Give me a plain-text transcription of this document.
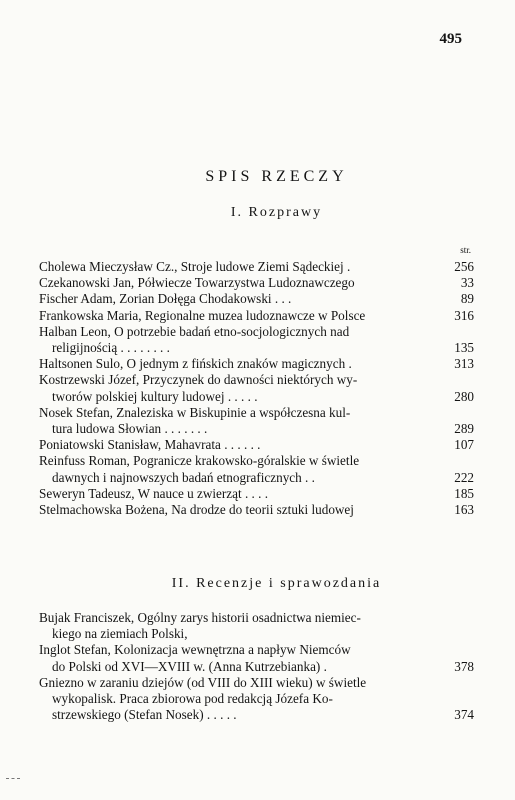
495
SPIS RZECZY
I. Rozprawy
str.
Cholewa Mieczysław Cz., Stroje ludowe Ziemi Sądeckiej .	256
Czekanowski Jan, Półwiecze Towarzystwa Ludoznawczego	33
Fischer Adam, Zorian Dołęga Chodakowski . . .	89
Frankowska Maria, Regionalne muzea ludoznawcze w Polsce	316
Halban Leon, O potrzebie badań etno-socjologicznych nad
religijnością . . . . . . . .	135
Haltsonen Sulo, O jednym z fińskich znaków magicznych .	313
Kostrzewski Józef, Przyczynek do dawności niektórych wy-
tworów polskiej kultury ludowej . . . . .	280
Nosek Stefan, Znaleziska w Biskupinie a współczesna kul-
tura ludowa Słowian . . . . . . .	289
Poniatowski Stanisław, Mahavrata . . . . . .	107
Reinfuss Roman, Pogranicze krakowsko-góralskie w świetle
dawnych i najnowszych badań etnograficznych . .	222
Seweryn Tadeusz, W nauce u zwierząt . . . .	185
Stelmachowska Bożena, Na drodze do teorii sztuki ludowej	163
II. Recenzje i sprawozdania
Bujak Franciszek, Ogólny zarys historii osadnictwa niemiec-
kiego na ziemiach Polski,
Inglot Stefan, Kolonizacja wewnętrzna a napływ Niemców
do Polski od XVI—XVIII w. (Anna Kutrzebianka) .	378
Gniezno w zaraniu dziejów (od VIII do XIII wieku) w świetle
wykopalisk. Praca zbiorowa pod redakcją Józefa Ko-
strzewskiego (Stefan Nosek) . . . . .	374
